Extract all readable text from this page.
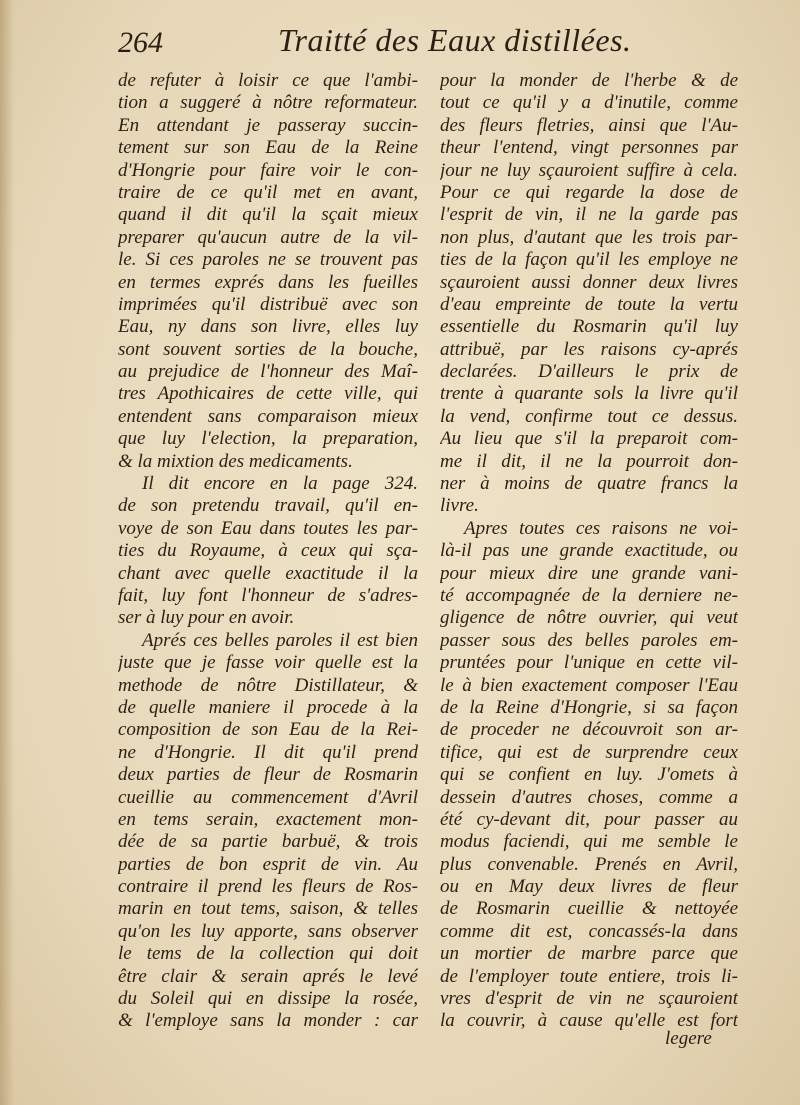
264	Traitté des Eaux distillées.
de refuter à loisir ce que l'ambi-
tion a suggeré à nôtre reformateur.
En attendant je passeray succin-
tement sur son Eau de la Reine
d'Hongrie pour faire voir le con-
traire de ce qu'il met en avant,
quand il dit qu'il la sçait mieux
preparer qu'aucun autre de la vil-
le. Si ces paroles ne se trouvent pas
en termes exprés dans les fueilles
imprimées qu'il distribuë avec son
Eau, ny dans son livre, elles luy
sont souvent sorties de la bouche,
au prejudice de l'honneur des Maî-
tres Apothicaires de cette ville, qui
entendent sans comparaison mieux
que luy l'election, la preparation,
& la mixtion des medicaments.
Il dit encore en la page 324.
de son pretendu travail, qu'il en-
voye de son Eau dans toutes les par-
ties du Royaume, à ceux qui sça-
chant avec quelle exactitude il la
fait, luy font l'honneur de s'adres-
ser à luy pour en avoir.
Aprés ces belles paroles il est bien
juste que je fasse voir quelle est la
methode de nôtre Distillateur, &
de quelle maniere il procede à la
composition de son Eau de la Rei-
ne d'Hongrie. Il dit qu'il prend
deux parties de fleur de Rosmarin
cueillie au commencement d'Avril
en tems serain, exactement mon-
dée de sa partie barbuë, & trois
parties de bon esprit de vin. Au
contraire il prend les fleurs de Ros-
marin en tout tems, saison, & telles
qu'on les luy apporte, sans observer
le tems de la collection qui doit
être clair & serain aprés le levé
du Soleil qui en dissipe la rosée,
& l'employe sans la monder : car
pour la monder de l'herbe & de
tout ce qu'il y a d'inutile, comme
des fleurs fletries, ainsi que l'Au-
theur l'entend, vingt personnes par
jour ne luy sçauroient suffire à cela.
Pour ce qui regarde la dose de
l'esprit de vin, il ne la garde pas
non plus, d'autant que les trois par-
ties de la façon qu'il les employe ne
sçauroient aussi donner deux livres
d'eau empreinte de toute la vertu
essentielle du Rosmarin qu'il luy
attribuë, par les raisons cy-aprés
declarées. D'ailleurs le prix de
trente à quarante sols la livre qu'il
la vend, confirme tout ce dessus.
Au lieu que s'il la preparoit com-
me il dit, il ne la pourroit don-
ner à moins de quatre francs la
livre.
Apres toutes ces raisons ne voi-
là-il pas une grande exactitude, ou
pour mieux dire une grande vani-
té accompagnée de la derniere ne-
gligence de nôtre ouvrier, qui veut
passer sous des belles paroles em-
pruntées pour l'unique en cette vil-
le à bien exactement composer l'Eau
de la Reine d'Hongrie, si sa façon
de proceder ne découvroit son ar-
tifice, qui est de surprendre ceux
qui se confient en luy. J'omets à
dessein d'autres choses, comme a
été cy-devant dit, pour passer au
modus faciendi, qui me semble le
plus convenable. Prenés en Avril,
ou en May deux livres de fleur
de Rosmarin cueillie & nettoyée
comme dit est, concassés-la dans
un mortier de marbre parce que
de l'employer toute entiere, trois li-
vres d'esprit de vin ne sçauroient
la couvrir, à cause qu'elle est fort
legere
